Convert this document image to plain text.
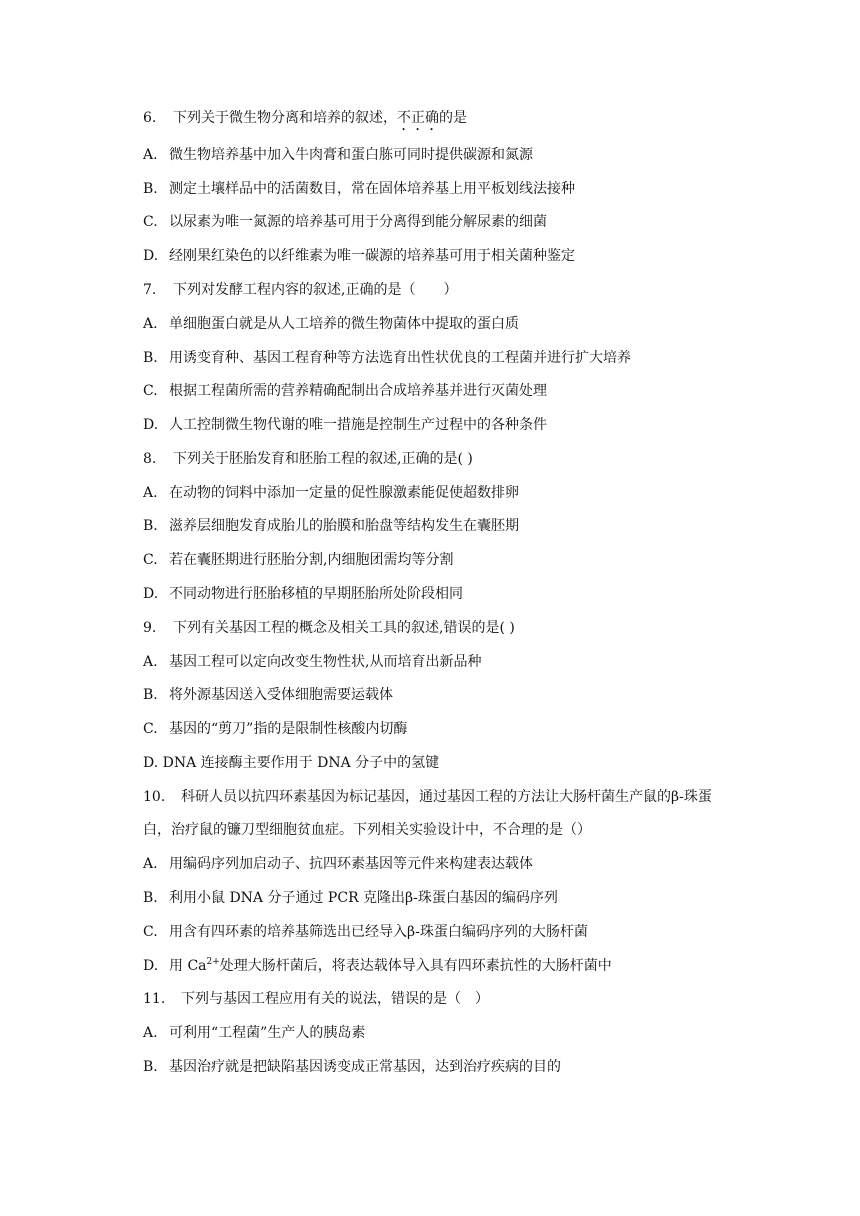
6. 下列关于微生物分离和培养的叙述，不正确的是
A. 微生物培养基中加入牛肉膏和蛋白胨可同时提供碳源和氮源
B. 测定土壤样品中的活菌数目，常在固体培养基上用平板划线法接种
C. 以尿素为唯一氮源的培养基可用于分离得到能分解尿素的细菌
D. 经刚果红染色的以纤维素为唯一碳源的培养基可用于相关菌种鉴定
7. 下列对发酵工程内容的叙述,正确的是（　　）
A. 单细胞蛋白就是从人工培养的微生物菌体中提取的蛋白质
B. 用诱变育种、基因工程育种等方法选育出性状优良的工程菌并进行扩大培养
C. 根据工程菌所需的营养精确配制出合成培养基并进行灭菌处理
D. 人工控制微生物代谢的唯一措施是控制生产过程中的各种条件
8. 下列关于胚胎发育和胚胎工程的叙述,正确的是( )
A. 在动物的饲料中添加一定量的促性腺激素能促使超数排卵
B. 滋养层细胞发育成胎儿的胎膜和胎盘等结构发生在囊胚期
C. 若在囊胚期进行胚胎分割,内细胞团需均等分割
D. 不同动物进行胚胎移植的早期胚胎所处阶段相同
9. 下列有关基因工程的概念及相关工具的叙述,错误的是( )
A. 基因工程可以定向改变生物性状,从而培育出新品种
B. 将外源基因送入受体细胞需要运载体
C. 基因的“剪刀”指的是限制性核酸内切酶
D. DNA 连接酶主要作用于 DNA 分子中的氢键
10. 科研人员以抗四环素基因为标记基因，通过基因工程的方法让大肠杆菌生产鼠的β-珠蛋
白，治疗鼠的镰刀型细胞贫血症。下列相关实验设计中，不合理的是（）
A. 用编码序列加启动子、抗四环素基因等元件来构建表达载体
B. 利用小鼠 DNA 分子通过 PCR 克隆出β-珠蛋白基因的编码序列
C. 用含有四环素的培养基筛选出已经导入β-珠蛋白编码序列的大肠杆菌
D. 用 $Ca^{2+}$处理大肠杆菌后，将表达载体导入具有四环素抗性的大肠杆菌中
11. 下列与基因工程应用有关的说法，错误的是（　）
A. 可利用“工程菌”生产人的胰岛素
B. 基因治疗就是把缺陷基因诱变成正常基因，达到治疗疾病的目的
